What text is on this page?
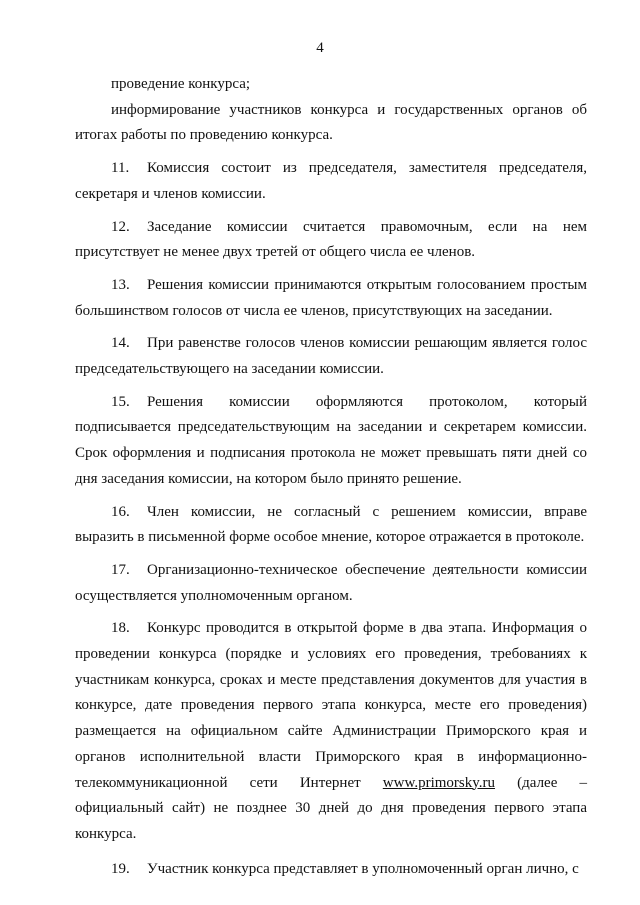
4

проведение конкурса;

информирование участников конкурса и государственных органов об итогах работы по проведению конкурса.

11. Комиссия состоит из председателя, заместителя председателя, секретаря и членов комиссии.

12. Заседание комиссии считается правомочным, если на нем присутствует не менее двух третей от общего числа ее членов.

13. Решения комиссии принимаются открытым голосованием простым большинством голосов от числа ее членов, присутствующих на заседании.

14. При равенстве голосов членов комиссии решающим является голос председательствующего на заседании комиссии.

15. Решения комиссии оформляются протоколом, который подписывается председательствующим на заседании и секретарем комиссии. Срок оформления и подписания протокола не может превышать пяти дней со дня заседания комиссии, на котором было принято решение.

16. Член комиссии, не согласный с решением комиссии, вправе выразить в письменной форме особое мнение, которое отражается в протоколе.

17. Организационно-техническое обеспечение деятельности комиссии осуществляется уполномоченным органом.

18. Конкурс проводится в открытой форме в два этапа. Информация о проведении конкурса (порядке и условиях его проведения, требованиях к участникам конкурса, сроках и месте представления документов для участия в конкурсе, дате проведения первого этапа конкурса, месте его проведения) размещается на официальном сайте Администрации Приморского края и органов исполнительной власти Приморского края в информационно-телекоммуникационной сети Интернет www.primorsky.ru (далее – официальный сайт) не позднее 30 дней до дня проведения первого этапа конкурса.

19. Участник конкурса представляет в уполномоченный орган лично, с
